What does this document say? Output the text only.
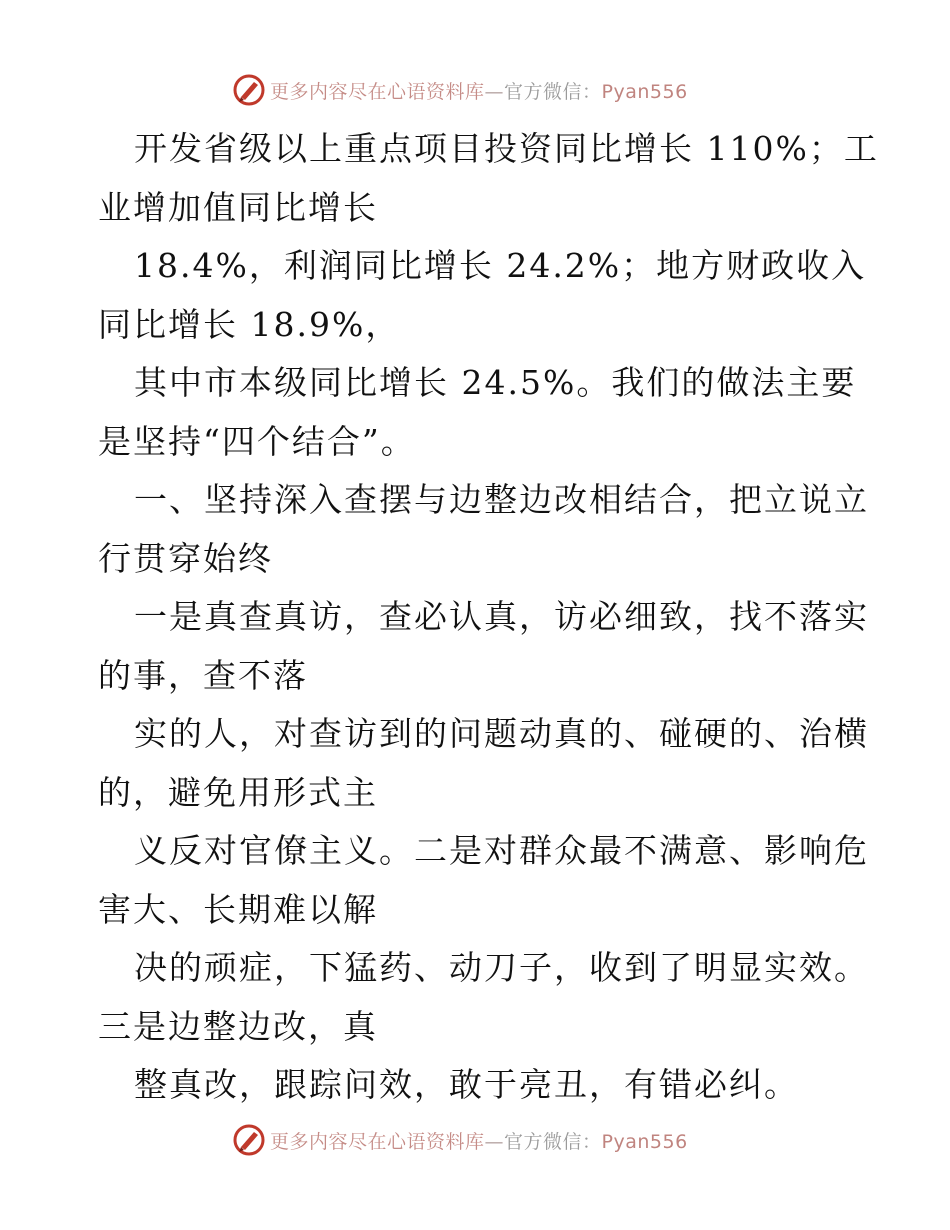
更多内容尽在心语资料库—官方微信：Pyan556
开发省级以上重点项目投资同比增长 110%；工
业增加值同比增长
18.4%，利润同比增长 24.2%；地方财政收入
同比增长 18.9%，
其中市本级同比增长 24.5%。我们的做法主要
是坚持“四个结合”。
一、坚持深入查摆与边整边改相结合，把立说立
行贯穿始终
一是真查真访，查必认真，访必细致，找不落实
的事，查不落
实的人，对查访到的问题动真的、碰硬的、治横
的，避免用形式主
义反对官僚主义。二是对群众最不满意、影响危
害大、长期难以解
决的顽症，下猛药、动刀子，收到了明显实效。
三是边整边改，真
整真改，跟踪问效，敢于亮丑，有错必纠。
更多内容尽在心语资料库—官方微信：Pyan556
